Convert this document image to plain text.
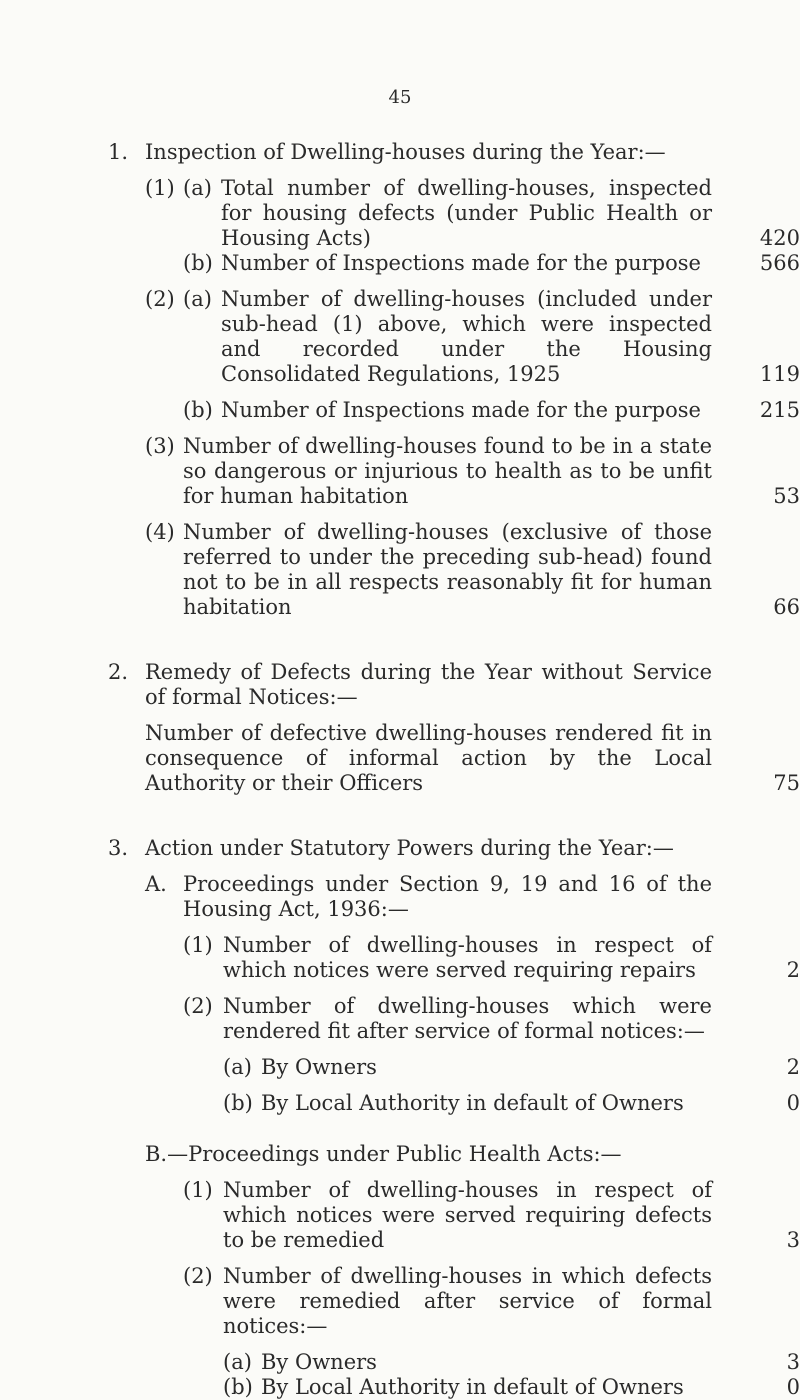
45
1. Inspection of Dwelling-houses during the Year:—
(1) (a) Total number of dwelling-houses, inspected for housing defects (under Public Health or Housing Acts)	420
(b) Number of Inspections made for the purpose	566
(2) (a) Number of dwelling-houses (included under sub-head (1) above, which were inspected and recorded under the Housing Consolidated Regulations, 1925	119
(b) Number of Inspections made for the purpose	215
(3) Number of dwelling-houses found to be in a state so dangerous or injurious to health as to be unfit for human habitation	53
(4) Number of dwelling-houses (exclusive of those referred to under the preceding sub-head) found not to be in all respects reasonably fit for human habitation	66
2. Remedy of Defects during the Year without Service of formal Notices:—
Number of defective dwelling-houses rendered fit in consequence of informal action by the Local Authority or their Officers	75
3. Action under Statutory Powers during the Year:—
A. Proceedings under Section 9, 19 and 16 of the Housing Act, 1936:—
(1) Number of dwelling-houses in respect of which notices were served requiring repairs	2
(2) Number of dwelling-houses which were rendered fit after service of formal notices:—
(a) By Owners	2
(b) By Local Authority in default of Owners	0
B.—Proceedings under Public Health Acts:—
(1) Number of dwelling-houses in respect of which notices were served requiring defects to be remedied	3
(2) Number of dwelling-houses in which defects were remedied after service of formal notices:—
(a) By Owners	3
(b) By Local Authority in default of Owners	0
